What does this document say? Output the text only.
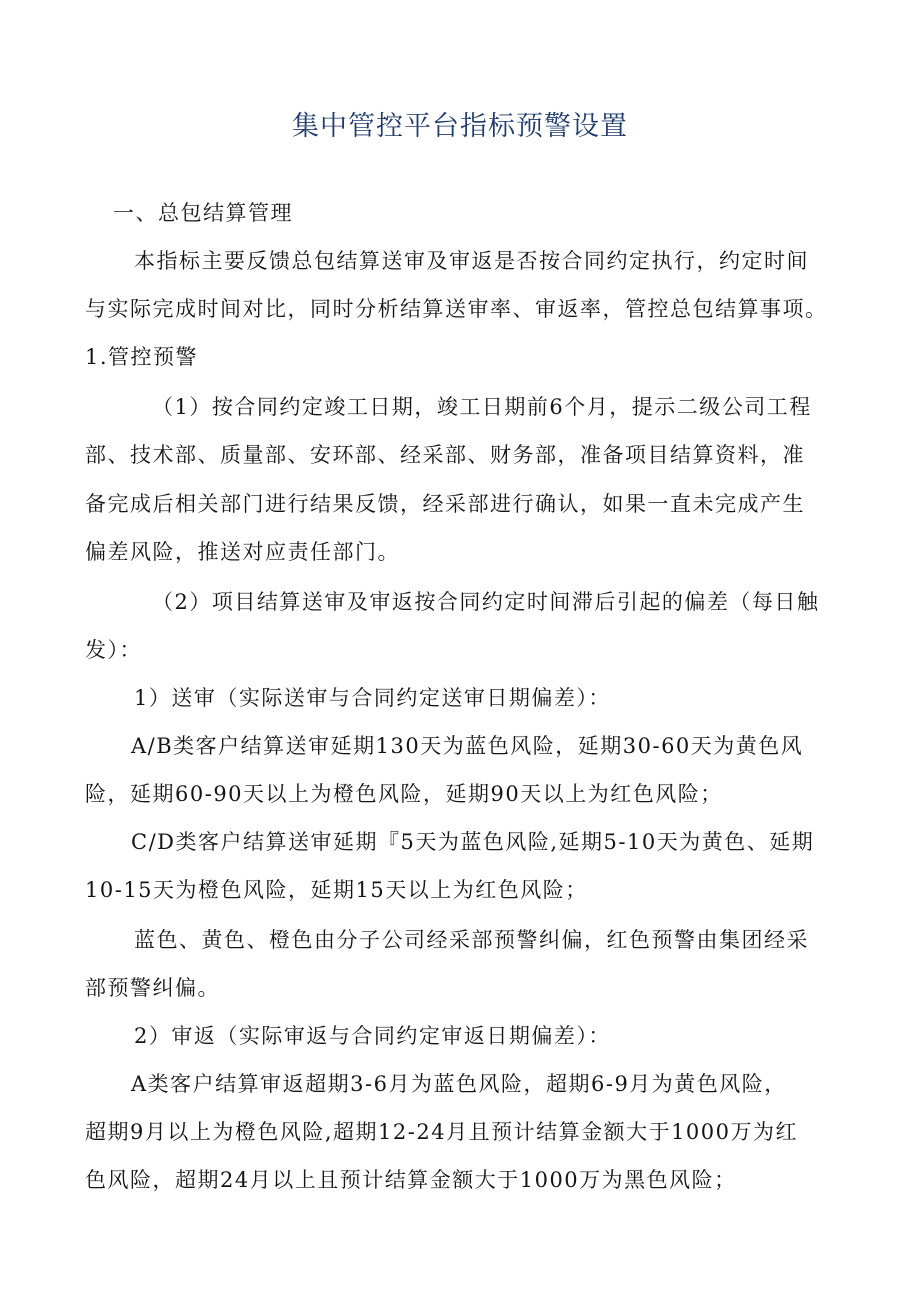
集中管控平台指标预警设置
一、总包结算管理
本指标主要反馈总包结算送审及审返是否按合同约定执行，约定时间
与实际完成时间对比，同时分析结算送审率、审返率，管控总包结算事项。
1.管控预警
（1）按合同约定竣工日期，竣工日期前6个月，提示二级公司工程
部、技术部、质量部、安环部、经采部、财务部，准备项目结算资料，准
备完成后相关部门进行结果反馈，经采部进行确认，如果一直未完成产生
偏差风险，推送对应责任部门。
（2）项目结算送审及审返按合同约定时间滞后引起的偏差（每日触
发）：
1）送审（实际送审与合同约定送审日期偏差）：
A/B类客户结算送审延期130天为蓝色风险，延期30-60天为黄色风
险，延期60-90天以上为橙色风险，延期90天以上为红色风险；
C/D类客户结算送审延期『5天为蓝色风险,延期5-10天为黄色、延期
10-15天为橙色风险，延期15天以上为红色风险；
蓝色、黄色、橙色由分子公司经采部预警纠偏，红色预警由集团经采
部预警纠偏。
2）审返（实际审返与合同约定审返日期偏差）：
A类客户结算审返超期3-6月为蓝色风险，超期6-9月为黄色风险，
超期9月以上为橙色风险,超期12-24月且预计结算金额大于1000万为红
色风险，超期24月以上且预计结算金额大于1000万为黑色风险；
